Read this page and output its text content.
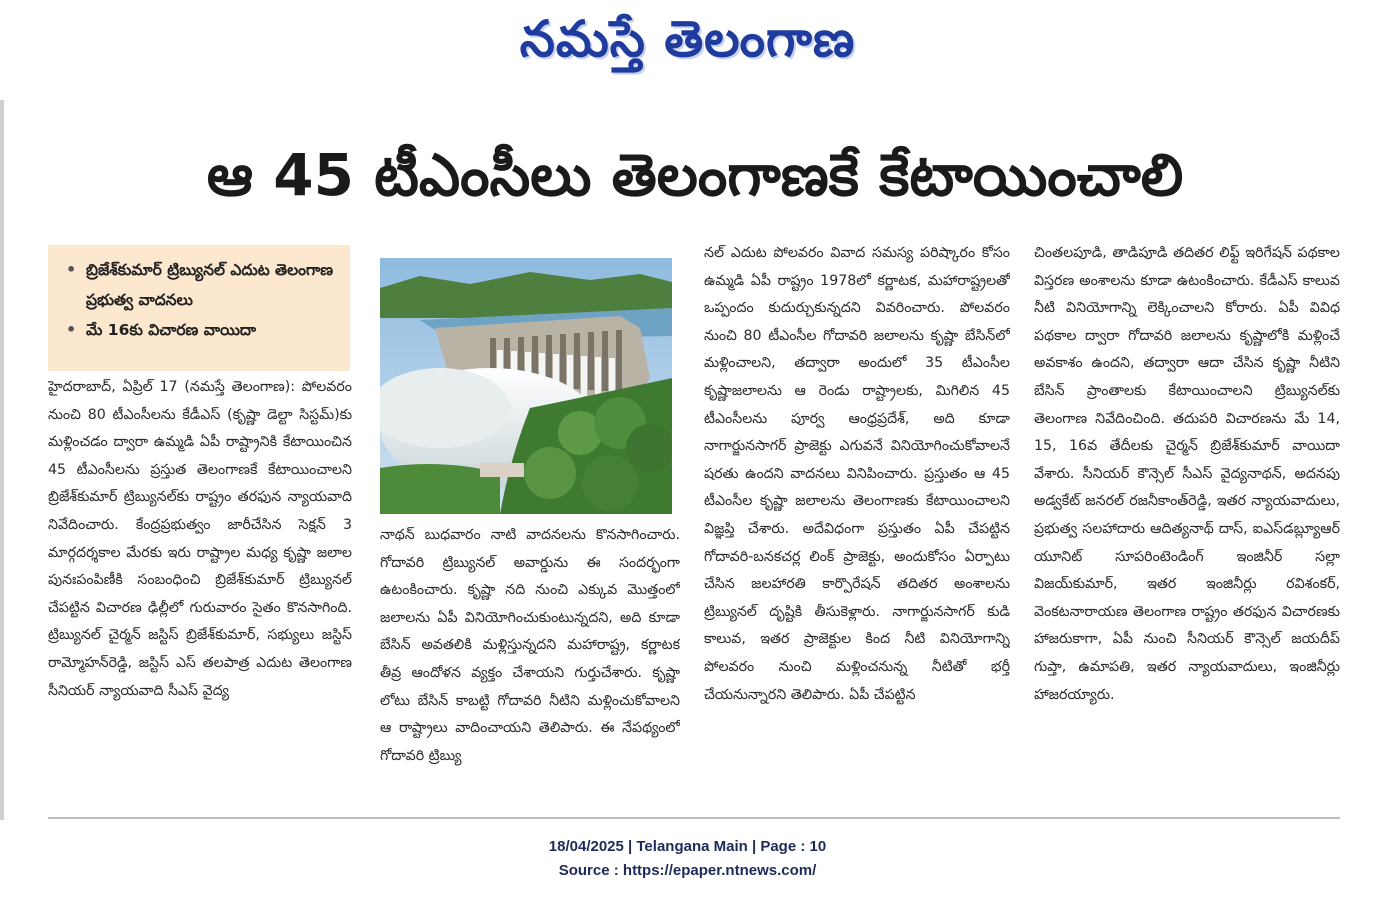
నమస్తే తెలంగాణ
ఆ 45 టీఎంసీలు తెలంగాణకే కేటాయించాలి
• బ్రిజేశ్‌కుమార్ ట్రిబ్యునల్ ఎదుట తెలంగాణ ప్రభుత్వ వాదనలు
• మే 16కు విచారణ వాయిదా
హైదరాబాద్, ఏప్రిల్ 17 (నమస్తే తెలంగాణ): పోలవరం నుంచి 80 టీఎంసీలను కేడీఎస్ (కృష్ణా డెల్టా సిస్టమ్)కు మళ్లించడం ద్వారా ఉమ్మడి ఏపీ రాష్ట్రానికి కేటాయించిన 45 టీఎంసీలను ప్రస్తుత తెలంగాణకే కేటాయించాలని బ్రిజేశ్‌కుమార్ ట్రిబ్యునల్‌కు రాష్ట్రం తరఫున న్యాయవాది నివేదించారు. కేంద్రప్రభుత్వం జారీచేసిన సెక్షన్ 3 మార్గదర్శకాల మేరకు ఇరు రాష్ట్రాల మధ్య కృష్ణా జలాల పునఃపంపిణీకి సంబంధించి బ్రిజేశ్‌కుమార్ ట్రిబ్యునల్ చేపట్టిన విచారణ ఢిల్లీలో గురువారం సైతం కొనసాగింది. ట్రిబ్యునల్ చైర్మన్ జస్టిస్ బ్రిజేశ్‌కుమార్, సభ్యులు జస్టిస్ రామ్మోహన్‌రెడ్డి, జస్టిస్ ఎస్ తలపాత్ర ఎదుట తెలంగాణ సీనియర్ న్యాయవాది సీఎస్ వైద్య
నాథన్ బుధవారం నాటి వాదనలను కొనసాగించారు. గోదావరి ట్రిబ్యునల్ అవార్డును ఈ సందర్భంగా ఉటంకించారు. కృష్ణా నది నుంచి ఎక్కువ మొత్తంలో జలాలను ఏపీ వినియోగించుకుంటున్నదని, అది కూడా బేసిన్ అవతలికి మళ్లిస్తున్నదని మహారాష్ట్ర, కర్ణాటక తీవ్ర ఆందోళన వ్యక్తం చేశాయని గుర్తుచేశారు. కృష్ణా లోటు బేసిన్ కాబట్టి గోదావరి నీటిని మళ్లించుకోవాలని ఆ రాష్ట్రాలు వాదించాయని తెలిపారు. ఈ నేపథ్యంలో గోదావరి ట్రిబ్యు
నల్ ఎదుట పోలవరం వివాద సమస్య పరిష్కారం కోసం ఉమ్మడి ఏపీ రాష్ట్రం 1978లో కర్ణాటక, మహారాష్ట్రలతో ఒప్పందం కుదుర్చుకున్నదని వివరించారు. పోలవరం నుంచి 80 టీఎంసీల గోదావరి జలాలను కృష్ణా బేసిన్‌లో మళ్లించాలని, తద్వారా అందులో 35 టీఎంసీల కృష్ణాజలాలను ఆ రెండు రాష్ట్రాలకు, మిగిలిన 45 టీఎంసీలను పూర్వ ఆంధ్రప్రదేశ్, అది కూడా నాగార్జునసాగర్ ప్రాజెక్టు ఎగువనే వినియోగించుకోవాలనే షరతు ఉందని వాదనలు వినిపించారు. ప్రస్తుతం ఆ 45 టీఎంసీల కృష్ణా జలాలను తెలంగాణకు కేటాయించాలని విజ్ఞప్తి చేశారు. అదేవిధంగా ప్రస్తుతం ఏపీ చేపట్టిన గోదావరి-బనకచర్ల లింక్ ప్రాజెక్టు, అందుకోసం ఏర్పాటు చేసిన జలహారతి కార్పొరేషన్ తదితర అంశాలను ట్రిబ్యునల్ దృష్టికి తీసుకెళ్లారు. నాగార్జునసాగర్ కుడి కాలువ, ఇతర ప్రాజెక్టుల కింద నీటి వినియోగాన్ని పోలవరం నుంచి మళ్లించనున్న నీటితో భర్తీ చేయనున్నారని తెలిపారు. ఏపీ చేపట్టిన
చింతలపూడి, తాడిపూడి తదితర లిఫ్ట్ ఇరిగేషన్ పథకాల విస్తరణ అంశాలను కూడా ఉటంకించారు. కేడీఎస్ కాలువ నీటి వినియోగాన్ని లెక్కించాలని కోరారు. ఏపీ వివిధ పథకాల ద్వారా గోదావరి జలాలను కృష్ణాలోకి మళ్లించే అవకాశం ఉందని, తద్వారా ఆదా చేసిన కృష్ణా నీటిని బేసిన్ ప్రాంతాలకు కేటాయించాలని ట్రిబ్యునల్‌కు తెలంగాణ నివేదించింది. తదుపరి విచారణను మే 14, 15, 16వ తేదీలకు చైర్మన్ బ్రిజేశ్‌కుమార్ వాయిదా వేశారు. సీనియర్ కౌన్సెల్ సీఎస్ వైద్యనాథన్, అదనపు అడ్వకేట్ జనరల్ రజనీకాంత్‌రెడ్డి, ఇతర న్యాయవాదులు, ప్రభుత్వ సలహాదారు ఆదిత్యనాథ్ దాస్, ఐఎస్‌డబ్ల్యూఆర్ యూనిట్ సూపరింటెండింగ్ ఇంజినీర్ సల్లా విజయ్‌కుమార్, ఇతర ఇంజినీర్లు రవిశంకర్, వెంకటనారాయణ తెలంగాణ రాష్ట్రం తరఫున విచారణకు హాజరుకాగా, ఏపీ నుంచి సీనియర్ కౌన్సెల్ జయదీప్ గుప్తా, ఉమాపతి, ఇతర న్యాయవాదులు, ఇంజినీర్లు హాజరయ్యారు.
18/04/2025 | Telangana Main | Page : 10
Source : https://epaper.ntnews.com/
